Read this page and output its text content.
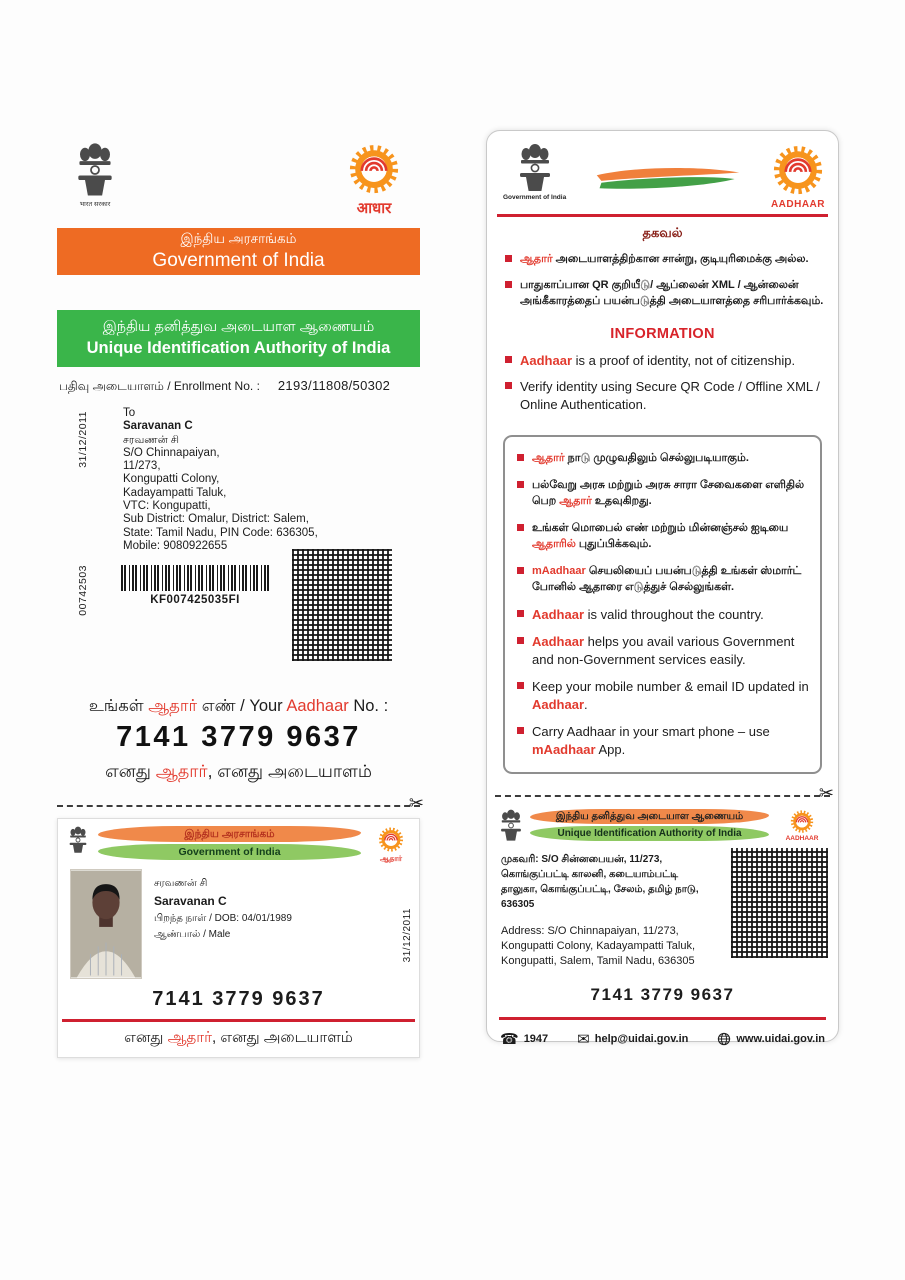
भारत सरकार	आधार
இந்திய அரசாங்கம்
Government of India
இந்திய தனித்துவ அடையாள ஆணையம்
Unique Identification Authority of India
பதிவு அடையாளம் / Enrollment No. : 2193/11808/50302
31/12/2011	To
Saravanan C
சரவணன் சி
S/O Chinnapaiyan,
11/273,
Kongupatti Colony,
Kadayampatti Taluk,
VTC: Kongupatti,
Sub District: Omalur, District: Salem,
State: Tamil Nadu, PIN Code: 636305,
Mobile: 9080922655
00742503	KF007425035FI
உங்கள் ஆதார் எண் / Your Aadhaar No. :
7141 3779 9637
எனது ஆதார், எனது அடையாளம்
✂
இந்திய அரசாங்கம்
Government of India
ஆதார்
சரவணன் சி
Saravanan C
பிறந்த நாள் / DOB: 04/01/1989
ஆண்பால் / Male	31/12/2011
7141 3779 9637
எனது ஆதார், எனது அடையாளம்
Government of India
AADHAAR
தகவல்
ஆதார் அடையாளத்திற்கான சான்று, குடியுரிமைக்கு அல்ல.
பாதுகாப்பான QR குறியீடு/ ஆப்லைன் XML / ஆன்லைன் அங்கீகாரத்தைப் பயன்படுத்தி அடையாளத்தை சரிபார்க்கவும்.
INFORMATION
Aadhaar is a proof of identity, not of citizenship.
Verify identity using Secure QR Code / Offline XML / Online Authentication.
ஆதார் நாடு முழுவதிலும் செல்லுபடியாகும்.
பல்வேறு அரசு மற்றும் அரசு சாரா சேவைகளை எளிதில் பெற ஆதார் உதவுகிறது.
உங்கள் மொபைல் எண் மற்றும் மின்னஞ்சல் ஐடியை ஆதாரில் புதுப்பிக்கவும்.
mAadhaar செயலியைப் பயன்படுத்தி உங்கள் ஸ்மார்ட் போனில் ஆதாரை எடுத்துச் செல்லுங்கள்.
Aadhaar is valid throughout the country.
Aadhaar helps you avail various Government and non-Government services easily.
Keep your mobile number & email ID updated in Aadhaar.
Carry Aadhaar in your smart phone – use mAadhaar App.
✂
இந்திய தனித்துவ அடையாள ஆணையம்
Unique Identification Authority of India	AADHAAR
முகவரி: S/O சின்னபையன், 11/273, கொங்குப்பட்டி காலனி, கடையாம்பட்டி தாலுகா, கொங்குப்பட்டி, சேலம், தமிழ் நாடு, 636305
Address: S/O Chinnapaiyan, 11/273, Kongupatti Colony, Kadayampatti Taluk, Kongupatti, Salem, Tamil Nadu, 636305
7141 3779 9637
☎ 1947 ✉ help@uidai.gov.in	www.uidai.gov.in
